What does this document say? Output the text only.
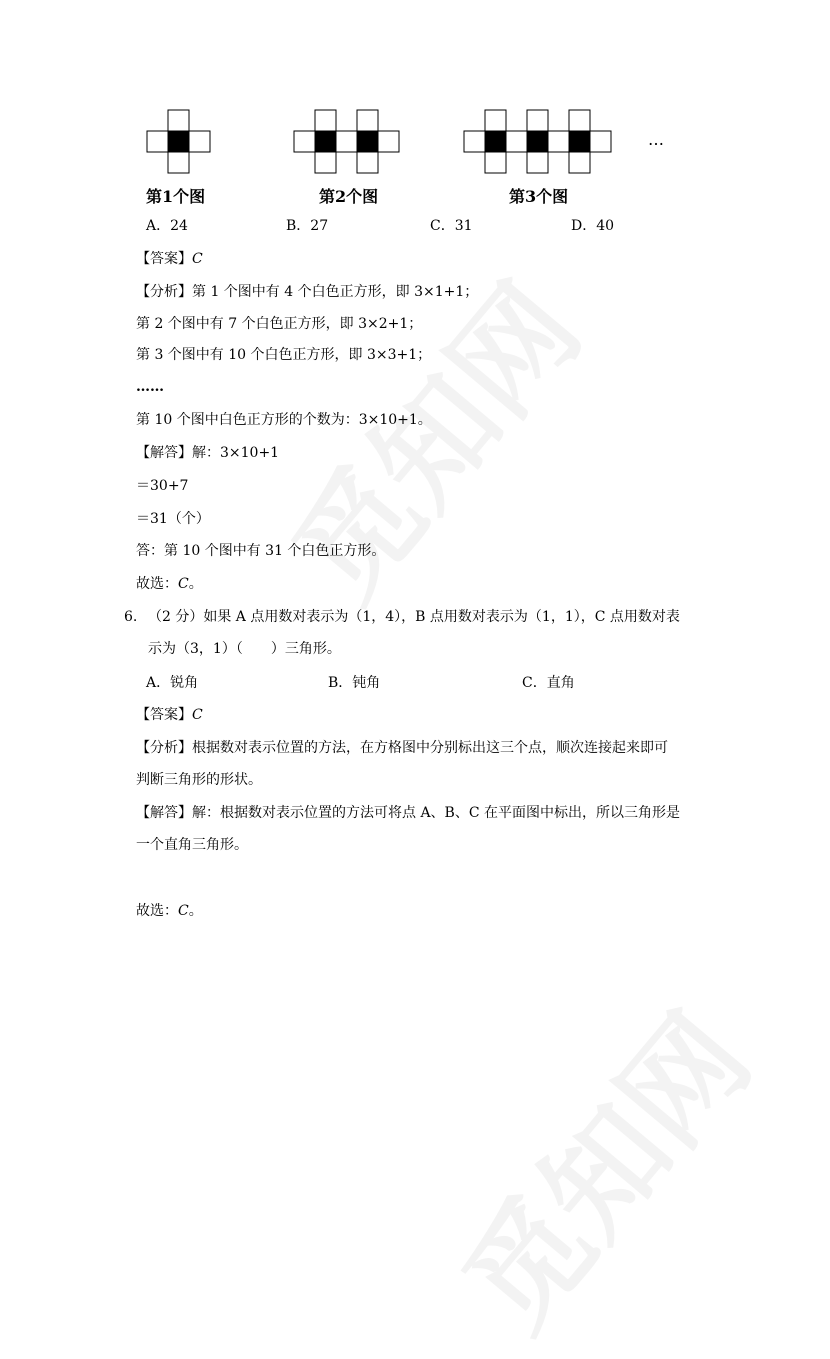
第1个图	第2个图	第3个图
…
A．24	B．27	C．31	D．40
【答案】C
【分析】第 1 个图中有 4 个白色正方形，即 3×1+1；
第 2 个图中有 7 个白色正方形，即 3×2+1；
第 3 个图中有 10 个白色正方形，即 3×3+1；
……
第 10 个图中白色正方形的个数为：3×10+1。
【解答】解：3×10+1
＝30+7
＝31（个）
答：第 10 个图中有 31 个白色正方形。
故选：C。
6. （2 分）如果 A 点用数对表示为（1，4），B 点用数对表示为（1，1），C 点用数对表
示为（3，1）（　　）三角形。
A．锐角	B．钝角	C．直角
【答案】C
【分析】根据数对表示位置的方法，在方格图中分别标出这三个点，顺次连接起来即可
判断三角形的形状。
【解答】解：根据数对表示位置的方法可将点 A、B、C 在平面图中标出，所以三角形是
一个直角三角形。
故选：C。
